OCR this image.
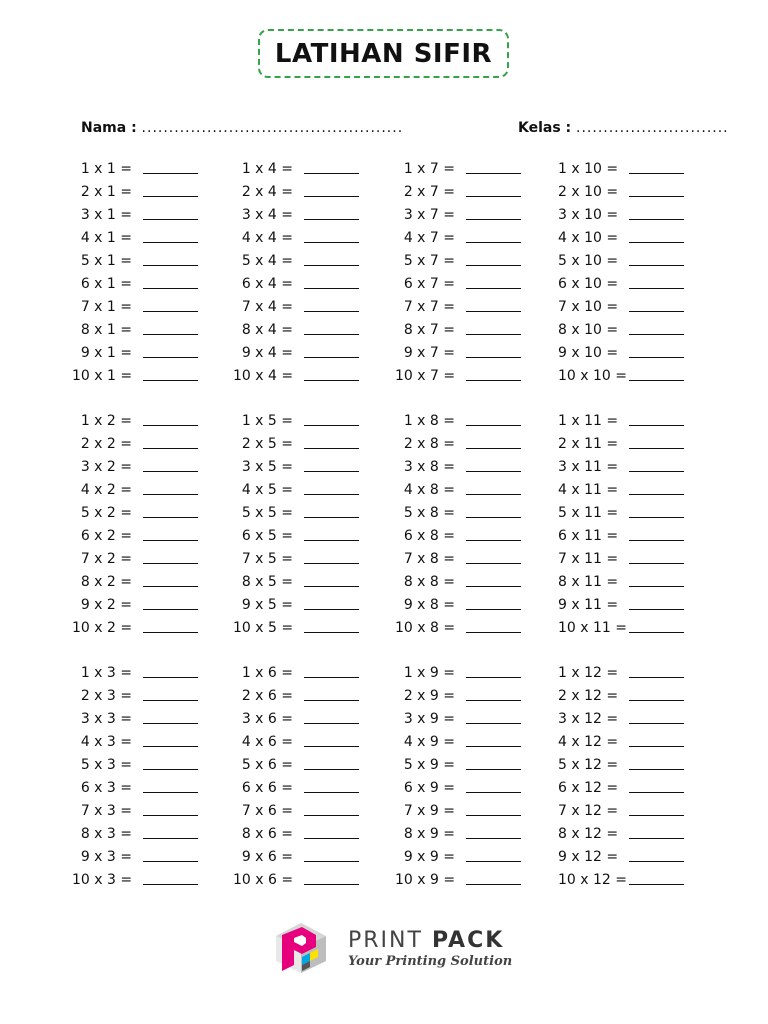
LATIHAN SIFIR
Nama : ................................................	Kelas : ............................
1 x 1 =
2 x 1 =
3 x 1 =
4 x 1 =
5 x 1 =
6 x 1 =
7 x 1 =
8 x 1 =
9 x 1 =
10 x 1 =
1 x 4 =
2 x 4 =
3 x 4 =
4 x 4 =
5 x 4 =
6 x 4 =
7 x 4 =
8 x 4 =
9 x 4 =
10 x 4 =
1 x 7 =
2 x 7 =
3 x 7 =
4 x 7 =
5 x 7 =
6 x 7 =
7 x 7 =
8 x 7 =
9 x 7 =
10 x 7 =
1 x 10 =
2 x 10 =
3 x 10 =
4 x 10 =
5 x 10 =
6 x 10 =
7 x 10 =
8 x 10 =
9 x 10 =
10 x 10 =
1 x 2 =
2 x 2 =
3 x 2 =
4 x 2 =
5 x 2 =
6 x 2 =
7 x 2 =
8 x 2 =
9 x 2 =
10 x 2 =
1 x 5 =
2 x 5 =
3 x 5 =
4 x 5 =
5 x 5 =
6 x 5 =
7 x 5 =
8 x 5 =
9 x 5 =
10 x 5 =
1 x 8 =
2 x 8 =
3 x 8 =
4 x 8 =
5 x 8 =
6 x 8 =
7 x 8 =
8 x 8 =
9 x 8 =
10 x 8 =
1 x 11 =
2 x 11 =
3 x 11 =
4 x 11 =
5 x 11 =
6 x 11 =
7 x 11 =
8 x 11 =
9 x 11 =
10 x 11 =
1 x 3 =
2 x 3 =
3 x 3 =
4 x 3 =
5 x 3 =
6 x 3 =
7 x 3 =
8 x 3 =
9 x 3 =
10 x 3 =
1 x 6 =
2 x 6 =
3 x 6 =
4 x 6 =
5 x 6 =
6 x 6 =
7 x 6 =
8 x 6 =
9 x 6 =
10 x 6 =
1 x 9 =
2 x 9 =
3 x 9 =
4 x 9 =
5 x 9 =
6 x 9 =
7 x 9 =
8 x 9 =
9 x 9 =
10 x 9 =
1 x 12 =
2 x 12 =
3 x 12 =
4 x 12 =
5 x 12 =
6 x 12 =
7 x 12 =
8 x 12 =
9 x 12 =
10 x 12 =
PRINT PACK
Your Printing Solution
